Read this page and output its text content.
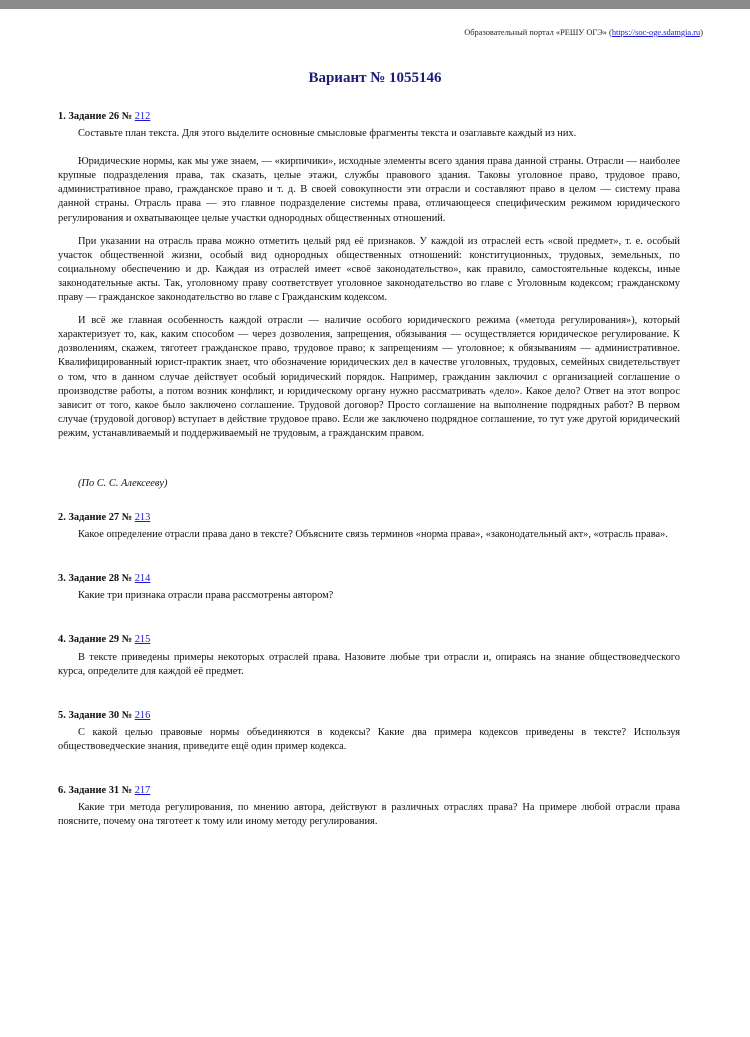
Образовательный портал «РЕШУ ОГЭ» (https://soc-oge.sdamgia.ru)
Вариант № 1055146
1. Задание 26 № 212

Составьте план текста. Для этого выделите основные смысловые фрагменты текста и озаглавьте каждый из них.

Юридические нормы, как мы уже знаем, — «кирпичики», исходные элементы всего здания права данной страны. Отрасли — наиболее крупные подразделения права, так сказать, целые этажи, службы правового здания. Таковы уголовное право, трудовое право, административное право, гражданское право и т. д. В своей совокупности эти отрасли и составляют право в целом — систему права данной страны. Отрасль права — это главное подразделение системы права, отличающееся специфическим режимом юридического регулирования и охватывающее целые участки однородных общественных отношений.

При указании на отрасль права можно отметить целый ряд её признаков. У каждой из отраслей есть «свой предмет», т. е. особый участок общественной жизни, особый вид однородных общественных отношений: конституционных, трудовых, земельных, по социальному обеспечению и др. Каждая из отраслей имеет «своё законодательство», как правило, самостоятельные кодексы, иные законодательные акты. Так, уголовному праву соответствует уголовное законодательство во главе с Уголовным кодексом; гражданскому праву — гражданское законодательство во главе с Гражданским кодексом.

И всё же главная особенность каждой отрасли — наличие особого юридического режима («метода регулирования»), который характеризует то, как, каким способом — через дозволения, запрещения, обязывания — осуществляется юридическое регулирование. К дозволениям, скажем, тяготеет гражданское право, трудовое право; к запрещениям — уголовное; к обязываниям — административное. Квалифицированный юрист-практик знает, что обозначение юридических дел в качестве уголовных, трудовых, семейных свидетельствует о том, что в данном случае действует особый юридический порядок. Например, гражданин заключил с организацией соглашение о производстве работы, а потом возник конфликт, и юридическому органу нужно рассматривать «дело». Какое дело? Ответ на этот вопрос зависит от того, какое было заключено соглашение. Трудовой договор? Просто соглашение на выполнение подрядных работ? В первом случае (трудовой договор) вступает в действие трудовое право. Если же заключено подрядное соглашение, то тут уже другой юридический режим, устанавливаемый и поддерживаемый не трудовым, а гражданским правом.

(По С. С. Алексееву)
2. Задание 27 № 213

Какое определение отрасли права дано в тексте? Объясните связь терминов «норма права», «законодательный акт», «отрасль права».

3. Задание 28 № 214

Какие три признака отрасли права рассмотрены автором?

4. Задание 29 № 215

В тексте приведены примеры некоторых отраслей права. Назовите любые три отрасли и, опираясь на знание обществоведческого курса, определите для каждой её предмет.

5. Задание 30 № 216

С какой целью правовые нормы объединяются в кодексы? Какие два примера кодексов приведены в тексте? Используя обществоведческие знания, приведите ещё один пример кодекса.

6. Задание 31 № 217

Какие три метода регулирования, по мнению автора, действуют в различных отраслях права? На примере любой отрасли права поясните, почему она тяготеет к тому или иному методу регулирования.
